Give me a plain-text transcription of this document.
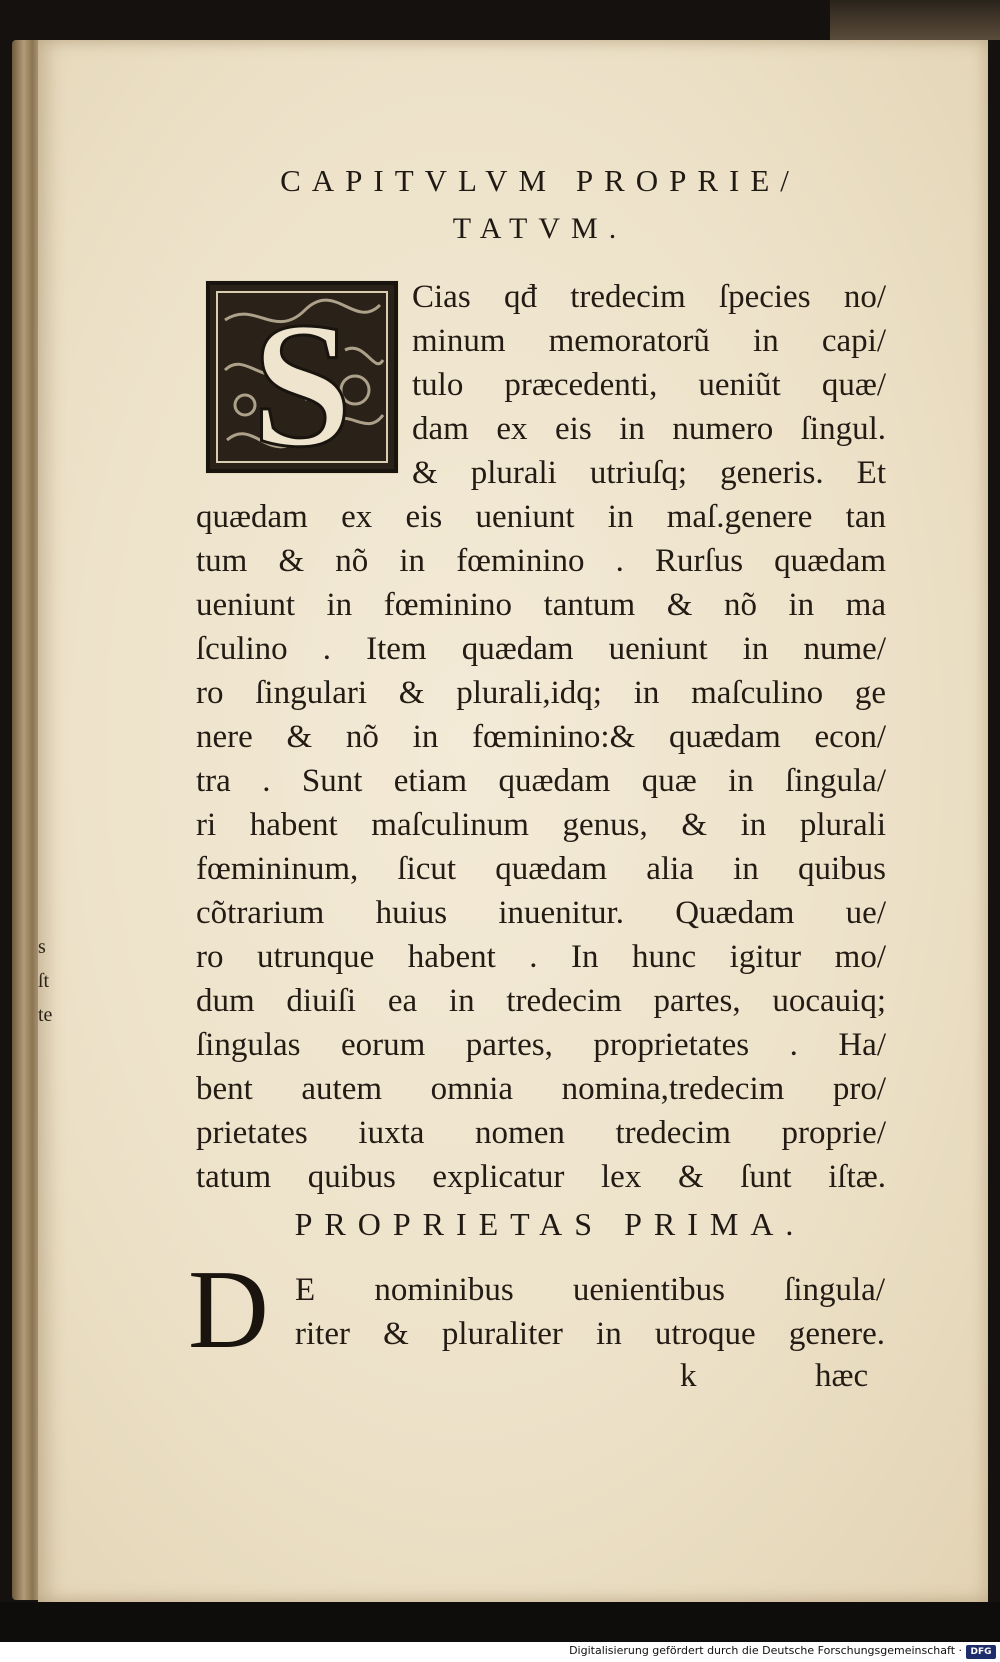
CAPITVLVM PROPRIE/
TATVM.
S Cias qđ tredecim ſpecies no/
minum memoratorũ in capi/
tulo præcedenti, ueniũt quæ/
dam ex eis in numero ſingul.
& plurali utriuſq; generis. Et
quædam ex eis ueniunt in maſ.genere tan
tum & nõ in fœminino . Rurſus quædam
ueniunt in fœminino tantum & nõ in ma
ſculino . Item quædam ueniunt in nume/
ro ſingulari & plurali,idq; in maſculino ge
nere & nõ in fœminino:& quædam econ/
tra . Sunt etiam quædam quæ in ſingula/
ri habent maſculinum genus, & in plurali
fœmininum, ſicut quædam alia in quibus
cõtrarium huius inuenitur. Quædam ue/
ro utrunque habent . In hunc igitur mo/
dum diuiſi ea in tredecim partes, uocauiq;
ſingulas eorum partes, proprietates . Ha/
bent autem omnia nomina,tredecim pro/
prietates iuxta nomen tredecim proprie/
tatum quibus explicatur lex & ſunt iſtæ.
PROPRIETAS PRIMA.
D E nominibus uenientibus ſingula/
riter & pluraliter in utroque genere.
k	hæc
s
ſt
te
Digitalisierung gefördert durch die Deutsche Forschungsgemeinschaft · DFG
